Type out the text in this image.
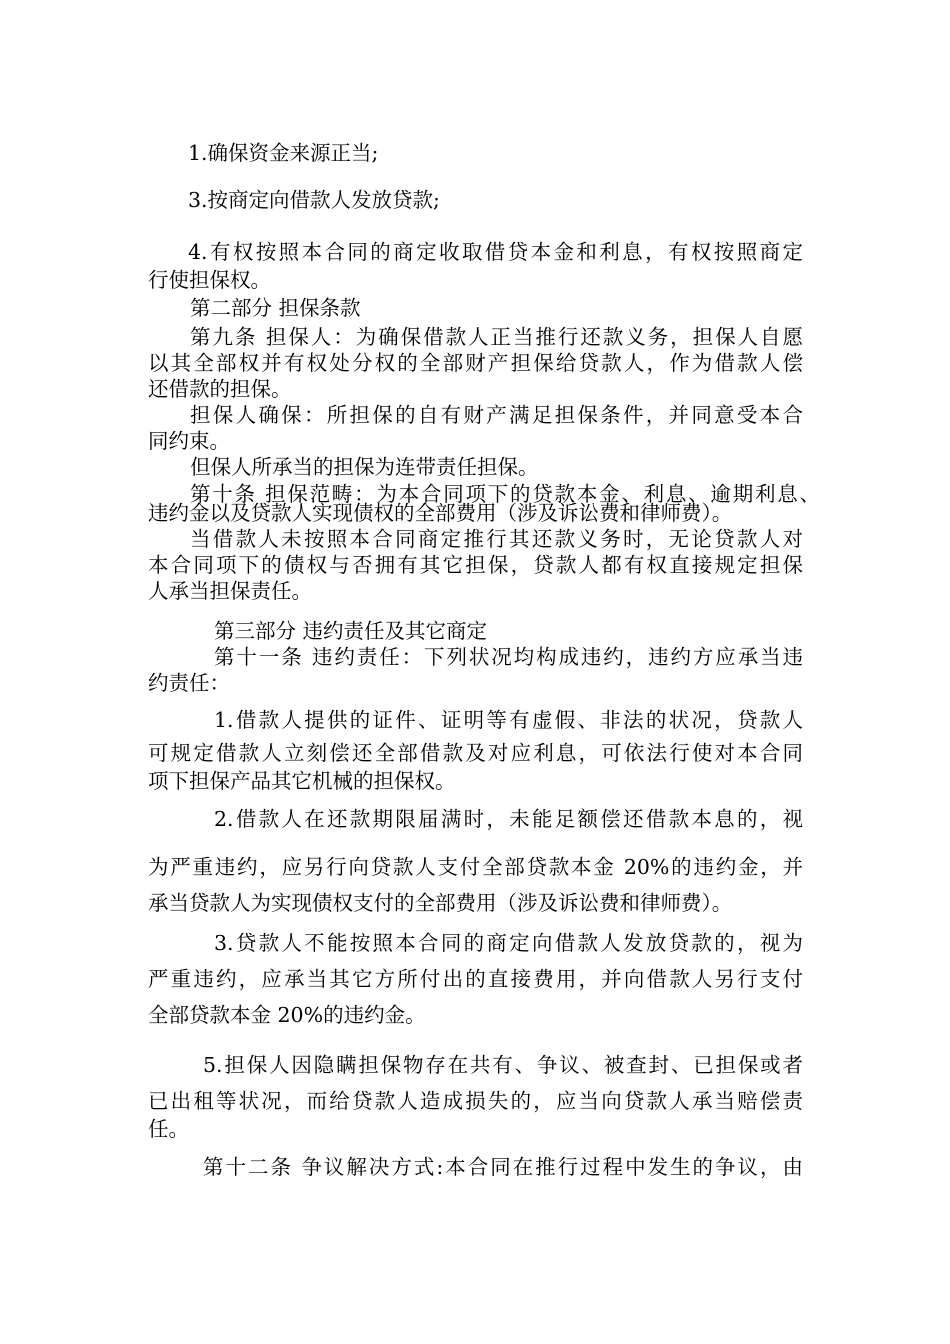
1.确保资金来源正当;

3.按商定向借款人发放贷款;

4.有权按照本合同的商定收取借贷本金和利息，有权按照商定

行使担保权。

第二部分 担保条款

第九条 担保人：为确保借款人正当推行还款义务，担保人自愿

以其全部权并有权处分权的全部财产担保给贷款人，作为借款人偿

还借款的担保。

担保人确保：所担保的自有财产满足担保条件，并同意受本合

同约束。

但保人所承当的担保为连带责任担保。

第十条 担保范畴：为本合同项下的贷款本金、利息、逾期利息、

违约金以及贷款人实现债权的全部费用（涉及诉讼费和律师费）。

当借款人未按照本合同商定推行其还款义务时，无论贷款人对

本合同项下的债权与否拥有其它担保，贷款人都有权直接规定担保

人承当担保责任。

第三部分 违约责任及其它商定

第十一条 违约责任：下列状况均构成违约，违约方应承当违

约责任：

1.借款人提供的证件、证明等有虚假、非法的状况，贷款人

可规定借款人立刻偿还全部借款及对应利息，可依法行使对本合同

项下担保产品其它机械的担保权。

2.借款人在还款期限届满时，未能足额偿还借款本息的，视

为严重违约，应另行向贷款人支付全部贷款本金 20%的违约金，并

承当贷款人为实现债权支付的全部费用（涉及诉讼费和律师费）。

3.贷款人不能按照本合同的商定向借款人发放贷款的，视为

严重违约，应承当其它方所付出的直接费用，并向借款人另行支付

全部贷款本金 20%的违约金。

5.担保人因隐瞒担保物存在共有、争议、被查封、已担保或者

已出租等状况，而给贷款人造成损失的，应当向贷款人承当赔偿责

任。

第十二条 争议解决方式:本合同在推行过程中发生的争议，由
